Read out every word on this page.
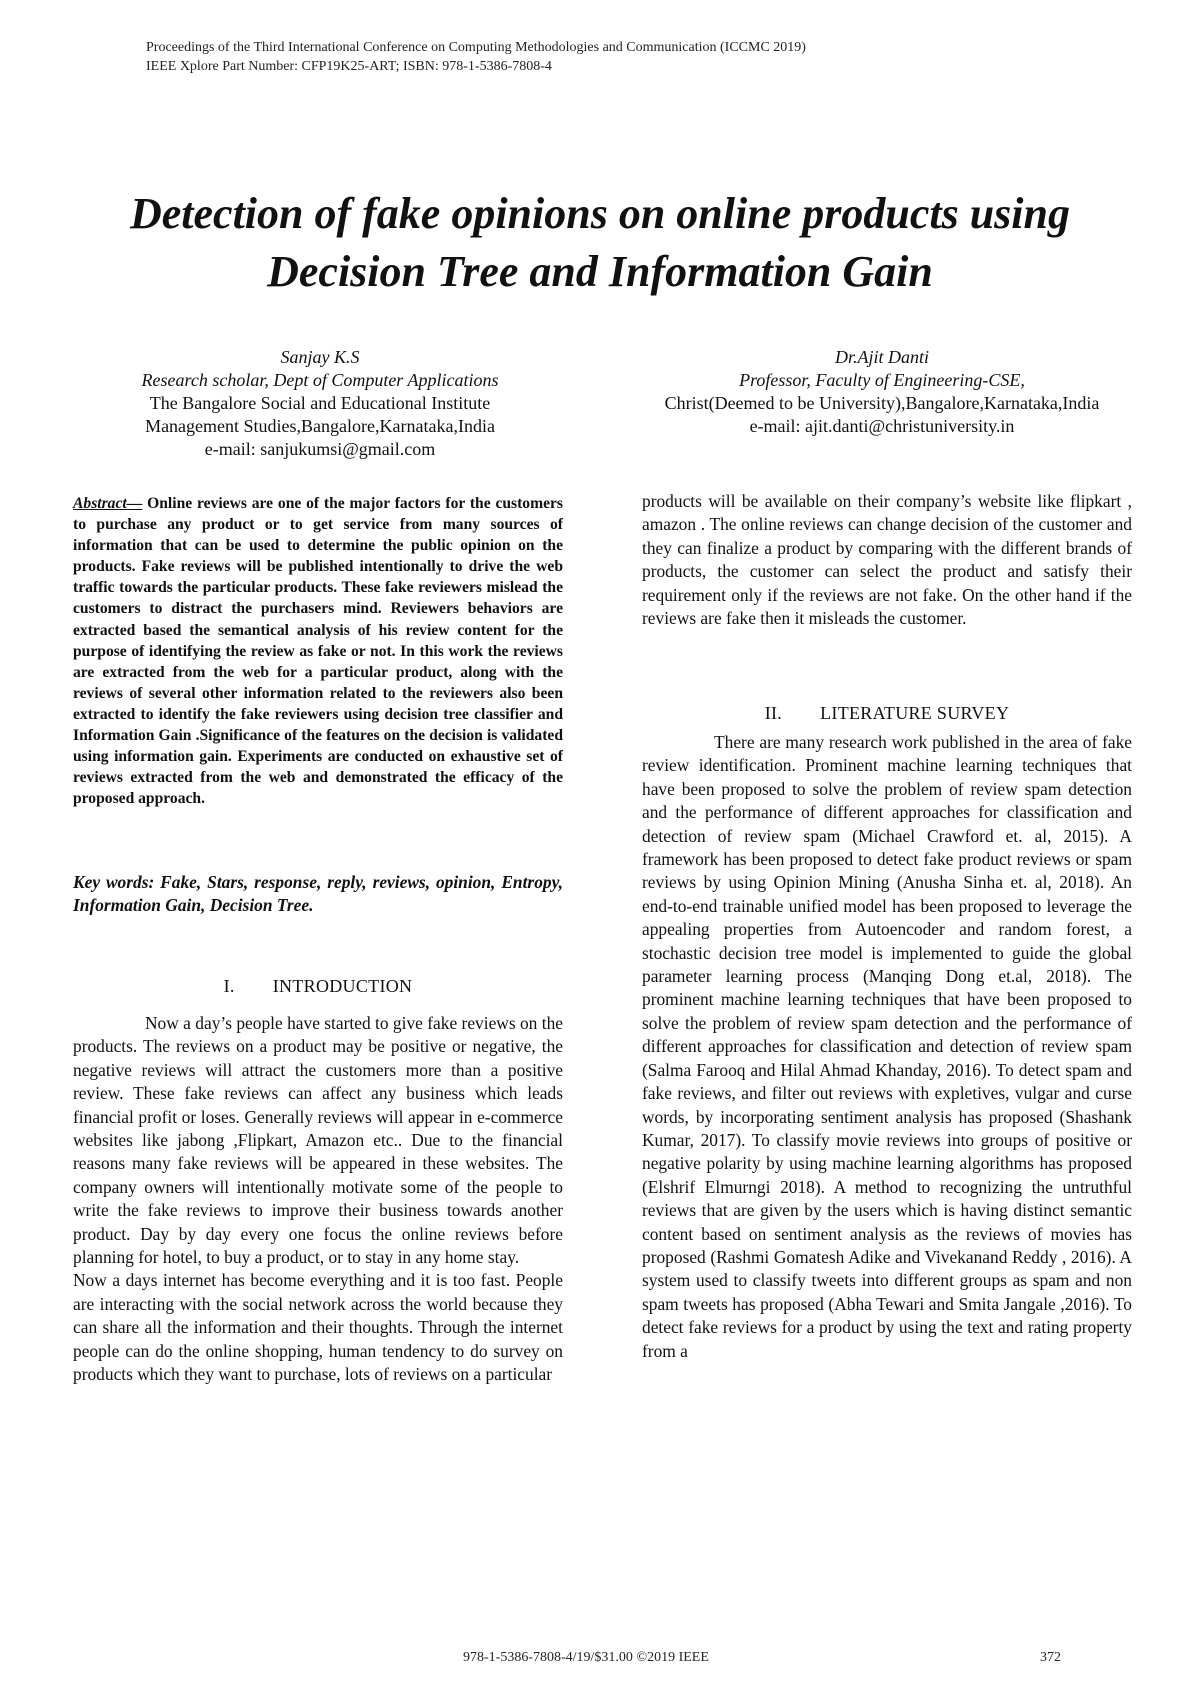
Proceedings of the Third International Conference on Computing Methodologies and Communication (ICCMC 2019)
IEEE Xplore Part Number: CFP19K25-ART; ISBN: 978-1-5386-7808-4
Detection of fake opinions on online products using
Decision Tree and Information Gain
Sanjay K.S
Research scholar, Dept of Computer Applications
The Bangalore Social and Educational Institute
Management Studies,Bangalore,Karnataka,India
e-mail: sanjukumsi@gmail.com
Dr.Ajit Danti
Professor, Faculty of Engineering-CSE,
Christ(Deemed to be University),Bangalore,Karnataka,India
e-mail: ajit.danti@christuniversity.in
Abstract— Online reviews are one of the major factors for the customers to purchase any product or to get service from many sources of information that can be used to determine the public opinion on the products. Fake reviews will be published intentionally to drive the web traffic towards the particular products. These fake reviewers mislead the customers to distract the purchasers mind. Reviewers behaviors are extracted based the semantical analysis of his review content for the purpose of identifying the review as fake or not. In this work the reviews are extracted from the web for a particular product, along with the reviews of several other information related to the reviewers also been extracted to identify the fake reviewers using decision tree classifier and Information Gain .Significance of the features on the decision is validated using information gain. Experiments are conducted on exhaustive set of reviews extracted from the web and demonstrated the efficacy of the proposed approach.
Key words: Fake, Stars, response, reply, reviews, opinion, Entropy, Information Gain, Decision Tree.
I. INTRODUCTION

Now a day’s people have started to give fake reviews on the products. The reviews on a product may be positive or negative, the negative reviews will attract the customers more than a positive review. These fake reviews can affect any business which leads financial profit or loses. Generally reviews will appear in e-commerce websites like jabong ,Flipkart, Amazon etc.. Due to the financial reasons many fake reviews will be appeared in these websites. The company owners will intentionally motivate some of the people to write the fake reviews to improve their business towards another product. Day by day every one focus the online reviews before planning for hotel, to buy a product, or to stay in any home stay.

Now a days internet has become everything and it is too fast. People are interacting with the social network across the world because they can share all the information and their thoughts. Through the internet people can do the online shopping, human tendency to do survey on products which they want to purchase, lots of reviews on a particular

products will be available on their company’s website like flipkart , amazon . The online reviews can change decision of the customer and they can finalize a product by comparing with the different brands of products, the customer can select the product and satisfy their requirement only if the reviews are not fake. On the other hand if the reviews are fake then it misleads the customer.

II. LITERATURE SURVEY

There are many research work published in the area of fake review identification. Prominent machine learning techniques that have been proposed to solve the problem of review spam detection and the performance of different approaches for classification and detection of review spam (Michael Crawford et. al, 2015). A framework has been proposed to detect fake product reviews or spam reviews by using Opinion Mining (Anusha Sinha et. al, 2018). An end-to-end trainable unified model has been proposed to leverage the appealing properties from Autoencoder and random forest, a stochastic decision tree model is implemented to guide the global parameter learning process (Manqing Dong et.al, 2018). The prominent machine learning techniques that have been proposed to solve the problem of review spam detection and the performance of different approaches for classification and detection of review spam (Salma Farooq and Hilal Ahmad Khanday, 2016). To detect spam and fake reviews, and filter out reviews with expletives, vulgar and curse words, by incorporating sentiment analysis has proposed (Shashank Kumar, 2017). To classify movie reviews into groups of positive or negative polarity by using machine learning algorithms has proposed (Elshrif Elmurngi 2018). A method to recognizing the untruthful reviews that are given by the users which is having distinct semantic content based on sentiment analysis as the reviews of movies has proposed (Rashmi Gomatesh Adike and Vivekanand Reddy , 2016). A system used to classify tweets into different groups as spam and non spam tweets has proposed (Abha Tewari and Smita Jangale ,2016). To detect fake reviews for a product by using the text and rating property from a

978-1-5386-7808-4/19/$31.00 ©2019 IEEE	372
